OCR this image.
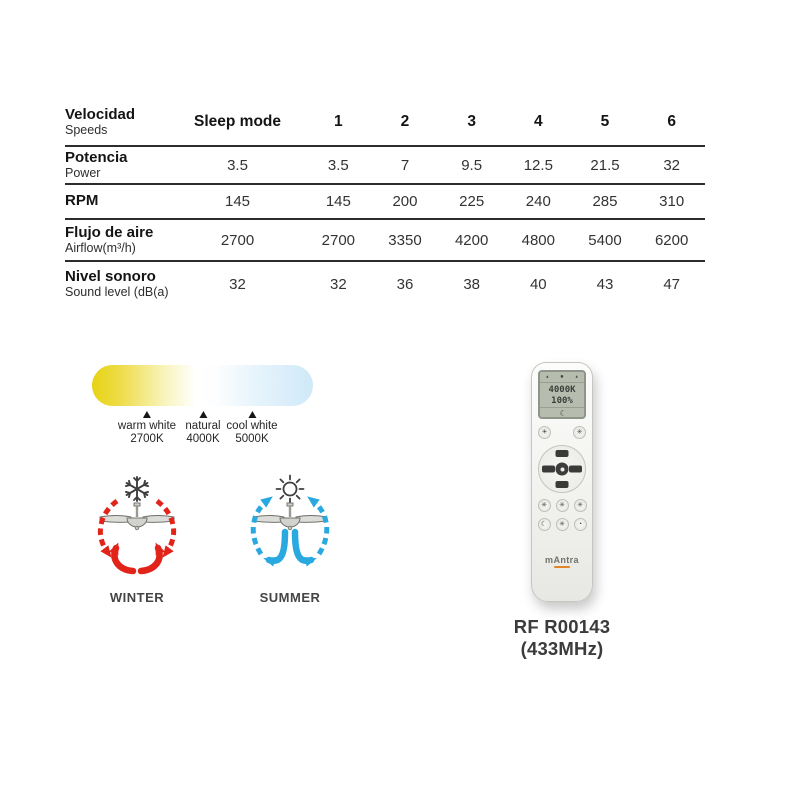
Velocidad
Speeds
Sleep mode	1	2	3	4	5	6
Potencia
Power	3.5	3.5	7	9.5	12.5	21.5	32
RPM	145	145	200	225	240	285	310
Flujo de aire
Airflow(m³/h)	2700	2700	3350	4200	4800	5400	6200
Nivel sonoro
Sound level (dB(a)	32	32	36	38	40	43	47
warm white
2700K
natural
4000K
cool white
5000K
WINTER	SUMMER
▴ ▪ ▴
4000K
100%
☾
☀	✳
✳	✳	✳
☾	✳	◔
mAntra
RF R00143
(433MHz)
